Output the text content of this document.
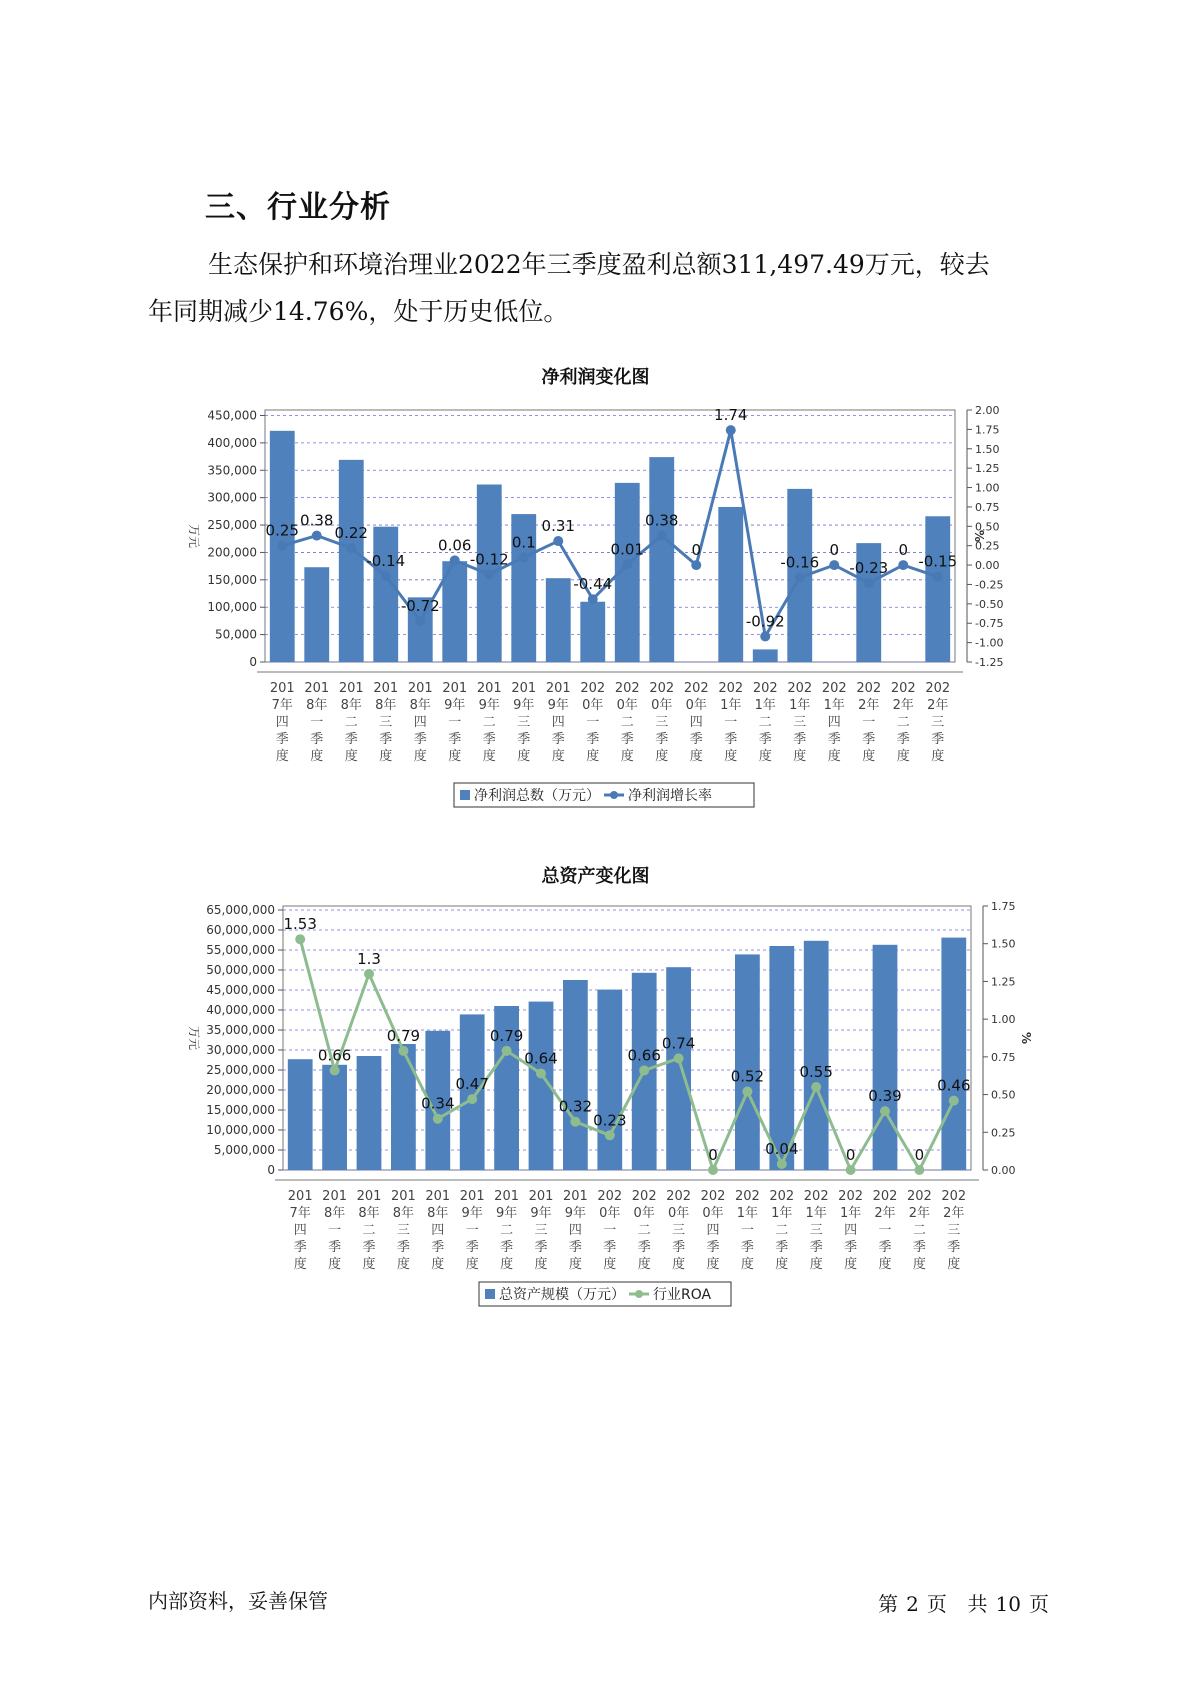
三、行业分析
生态保护和环境治理业2022年三季度盈利总额311,497.49万元，较去
年同期减少14.76%，处于历史低位。
净利润变化图
0
50,000
100,000
150,000
200,000
250,000
300,000
350,000
400,000
450,000
-1.25
-1.00
-0.75
-0.50
-0.25
0.00
0.25
0.50
0.75
1.00
1.25
1.50
1.75
2.00
万元	%
0.25
0.38
0.22
-0.14
-0.72
0.06
-0.12
0.1
0.31
-0.44
0.01
0.38
0
1.74
-0.92
-0.16
0
-0.23
0
-0.15
201
7年
四
季
度
201
8年
一
季
度
201
8年
二
季
度
201
8年
三
季
度
201
8年
四
季
度
201
9年
一
季
度
201
9年
二
季
度
201
9年
三
季
度
201
9年
四
季
度
202
0年
一
季
度
202
0年
二
季
度
202
0年
三
季
度
202
0年
四
季
度
202
1年
一
季
度
202
1年
二
季
度
202
1年
三
季
度
202
1年
四
季
度
202
2年
一
季
度
202
2年
二
季
度
202
2年
三
季
度
净利润总数（万元） 净利润增长率
总资产变化图
0
5,000,000
10,000,000
15,000,000
20,000,000
25,000,000
30,000,000
35,000,000
40,000,000
45,000,000
50,000,000
55,000,000
60,000,000
65,000,000
0.00
0.25
0.50
0.75
1.00
1.25
1.50
1.75
万元	%
1.53
0.66
1.3
0.79
0.34
0.47
0.79
0.64
0.32
0.23
0.66
0.74
0
0.52
0.04
0.55
0
0.39
0
0.46
201
7年
四
季
度
201
8年
一
季
度
201
8年
二
季
度
201
8年
三
季
度
201
8年
四
季
度
201
9年
一
季
度
201
9年
二
季
度
201
9年
三
季
度
201
9年
四
季
度
202
0年
一
季
度
202
0年
二
季
度
202
0年
三
季
度
202
0年
四
季
度
202
1年
一
季
度
202
1年
二
季
度
202
1年
三
季
度
202
1年
四
季
度
202
2年
一
季
度
202
2年
二
季
度
202
2年
三
季
度
总资产规模（万元） 行业ROA
内部资料，妥善保管	第 2 页 共 10 页
